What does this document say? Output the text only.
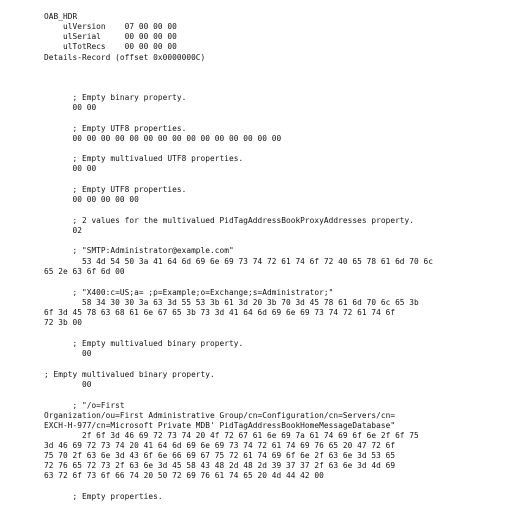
OAB_HDR
ulVersion    07 00 00 00
ulSerial     00 00 00 00
ulTotRecs    00 00 00 00
Details-Record (offset 0x0000000C)
; Empty binary property.
00 00
; Empty UTF8 properties.
00 00 00 00 00 00 00 00 00 00 00 00 00 00 00
; Empty multivalued UTF8 properties.
00 00
; Empty UTF8 properties.
00 00 00 00 00
; 2 values for the multivalued PidTagAddressBookProxyAddresses property.
02
; "SMTP:Administrator@example.com"
53 4d 54 50 3a 41 64 6d 69 6e 69 73 74 72 61 74 6f 72 40 65 78 61 6d 70 6c
65 2e 63 6f 6d 00
; "X400:c=US;a= ;p=Example;o=Exchange;s=Administrator;"
58 34 30 30 3a 63 3d 55 53 3b 61 3d 20 3b 70 3d 45 78 61 6d 70 6c 65 3b
6f 3d 45 78 63 68 61 6e 67 65 3b 73 3d 41 64 6d 69 6e 69 73 74 72 61 74 6f
72 3b 00
; Empty multivalued binary property.
00
; Empty multivalued binary property.
00
; "/o=First
Organization/ou=First Administrative Group/cn=Configuration/cn=Servers/cn=
EXCH-H-977/cn=Microsoft Private MDB' PidTagAddressBookHomeMessageDatabase"
2f 6f 3d 46 69 72 73 74 20 4f 72 67 61 6e 69 7a 61 74 69 6f 6e 2f 6f 75
3d 46 69 72 73 74 20 41 64 6d 69 6e 69 73 74 72 61 74 69 76 65 20 47 72 6f
75 70 2f 63 6e 3d 43 6f 6e 66 69 67 75 72 61 74 69 6f 6e 2f 63 6e 3d 53 65
72 76 65 72 73 2f 63 6e 3d 45 58 43 48 2d 48 2d 39 37 37 2f 63 6e 3d 4d 69
63 72 6f 73 6f 66 74 20 50 72 69 76 61 74 65 20 4d 44 42 00
; Empty properties.
